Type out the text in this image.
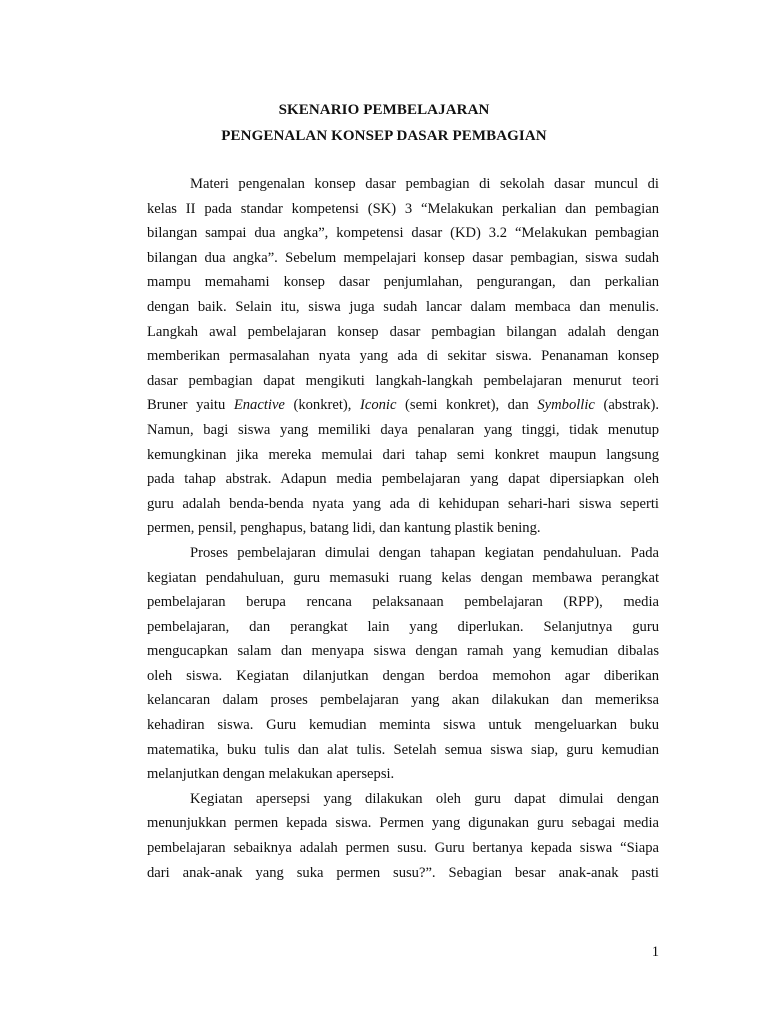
SKENARIO PEMBELAJARAN
PENGENALAN KONSEP DASAR PEMBAGIAN
Materi pengenalan konsep dasar pembagian di sekolah dasar muncul di
kelas II pada standar kompetensi (SK) 3 “Melakukan perkalian dan pembagian
bilangan sampai dua angka”, kompetensi dasar (KD) 3.2 “Melakukan pembagian
bilangan dua angka”. Sebelum mempelajari konsep dasar pembagian, siswa sudah
mampu memahami konsep dasar penjumlahan, pengurangan, dan perkalian
dengan baik. Selain itu, siswa juga sudah lancar dalam membaca dan menulis.
Langkah awal pembelajaran konsep dasar pembagian bilangan adalah dengan
memberikan permasalahan nyata yang ada di sekitar siswa. Penanaman konsep
dasar pembagian dapat mengikuti langkah-langkah pembelajaran menurut teori
Bruner yaitu Enactive (konkret), Iconic (semi konkret), dan Symbollic (abstrak).
Namun, bagi siswa yang memiliki daya penalaran yang tinggi, tidak menutup
kemungkinan jika mereka memulai dari tahap semi konkret maupun langsung
pada tahap abstrak. Adapun media pembelajaran yang dapat dipersiapkan oleh
guru adalah benda-benda nyata yang ada di kehidupan sehari-hari siswa seperti
permen, pensil, penghapus, batang lidi, dan kantung plastik bening.
Proses pembelajaran dimulai dengan tahapan kegiatan pendahuluan. Pada
kegiatan pendahuluan, guru memasuki ruang kelas dengan membawa perangkat
pembelajaran berupa rencana pelaksanaan pembelajaran (RPP), media
pembelajaran, dan perangkat lain yang diperlukan. Selanjutnya guru
mengucapkan salam dan menyapa siswa dengan ramah yang kemudian dibalas
oleh siswa. Kegiatan dilanjutkan dengan berdoa memohon agar diberikan
kelancaran dalam proses pembelajaran yang akan dilakukan dan memeriksa
kehadiran siswa. Guru kemudian meminta siswa untuk mengeluarkan buku
matematika, buku tulis dan alat tulis. Setelah semua siswa siap, guru kemudian
melanjutkan dengan melakukan apersepsi.
Kegiatan apersepsi yang dilakukan oleh guru dapat dimulai dengan
menunjukkan permen kepada siswa. Permen yang digunakan guru sebagai media
pembelajaran sebaiknya adalah permen susu. Guru bertanya kepada siswa “Siapa
dari anak-anak yang suka permen susu?”. Sebagian besar anak-anak pasti
1
